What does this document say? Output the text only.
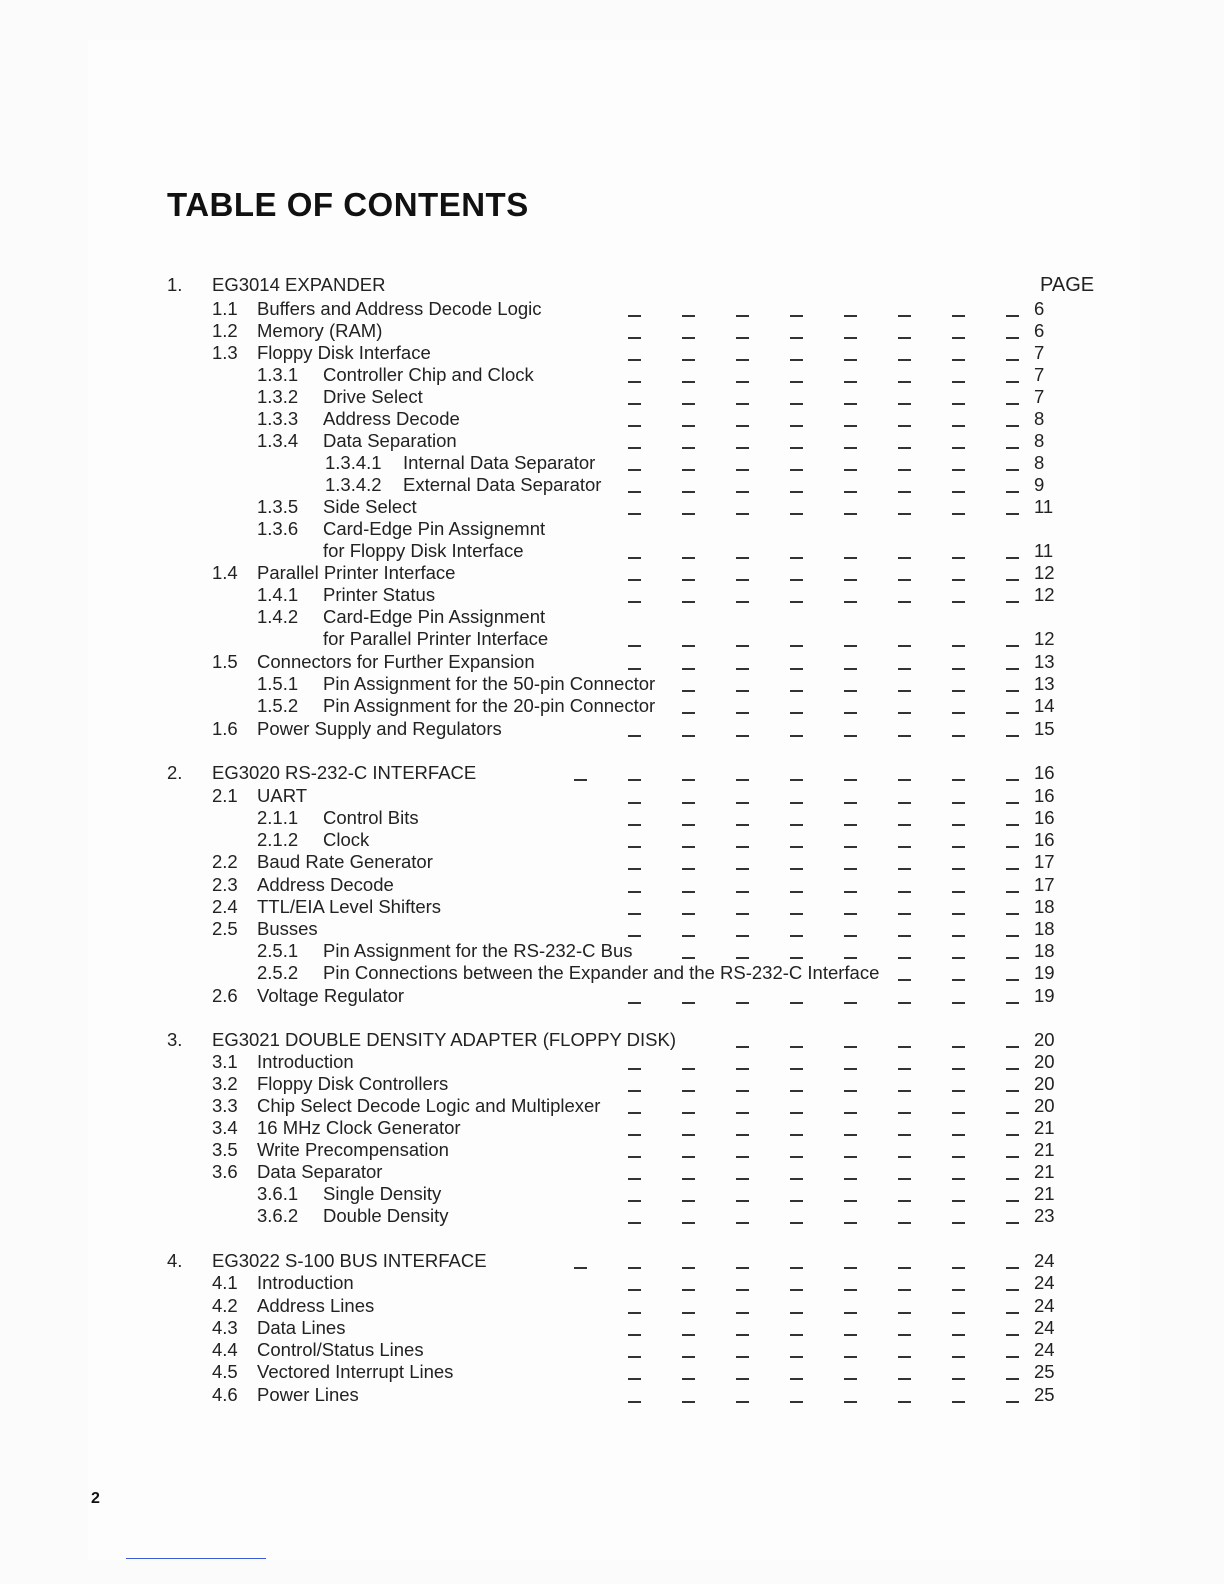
TABLE OF CONTENTS
PAGE
1. EG3014 EXPANDER
1.1 Buffers and Address Decode Logic	6
1.2 Memory (RAM)	6
1.3 Floppy Disk Interface	7
1.3.1 Controller Chip and Clock	7
1.3.2 Drive Select	7
1.3.3 Address Decode	8
1.3.4 Data Separation	8
1.3.4.1 Internal Data Separator	8
1.3.4.2 External Data Separator	9
1.3.5 Side Select	11
1.3.6 Card-Edge Pin Assignemnt
for Floppy Disk Interface	11
1.4 Parallel Printer Interface	12
1.4.1 Printer Status	12
1.4.2 Card-Edge Pin Assignment
for Parallel Printer Interface	12
1.5 Connectors for Further Expansion	13
1.5.1 Pin Assignment for the 50-pin Connector	13
1.5.2 Pin Assignment for the 20-pin Connector	14
1.6 Power Supply and Regulators	15
2. EG3020 RS-232-C INTERFACE	16
2.1 UART	16
2.1.1 Control Bits	16
2.1.2 Clock	16
2.2 Baud Rate Generator	17
2.3 Address Decode	17
2.4 TTL/EIA Level Shifters	18
2.5 Busses	18
2.5.1 Pin Assignment for the RS-232-C Bus	18
2.5.2 Pin Connections between the Expander and the RS-232-C Interface	19
2.6 Voltage Regulator	19
3. EG3021 DOUBLE DENSITY ADAPTER (FLOPPY DISK)	20
3.1 Introduction	20
3.2 Floppy Disk Controllers	20
3.3 Chip Select Decode Logic and Multiplexer	20
3.4 16 MHz Clock Generator	21
3.5 Write Precompensation	21
3.6 Data Separator	21
3.6.1 Single Density	21
3.6.2 Double Density	23
4. EG3022 S-100 BUS INTERFACE	24
4.1 Introduction	24
4.2 Address Lines	24
4.3 Data Lines	24
4.4 Control/Status Lines	24
4.5 Vectored Interrupt Lines	25
4.6 Power Lines	25
2
